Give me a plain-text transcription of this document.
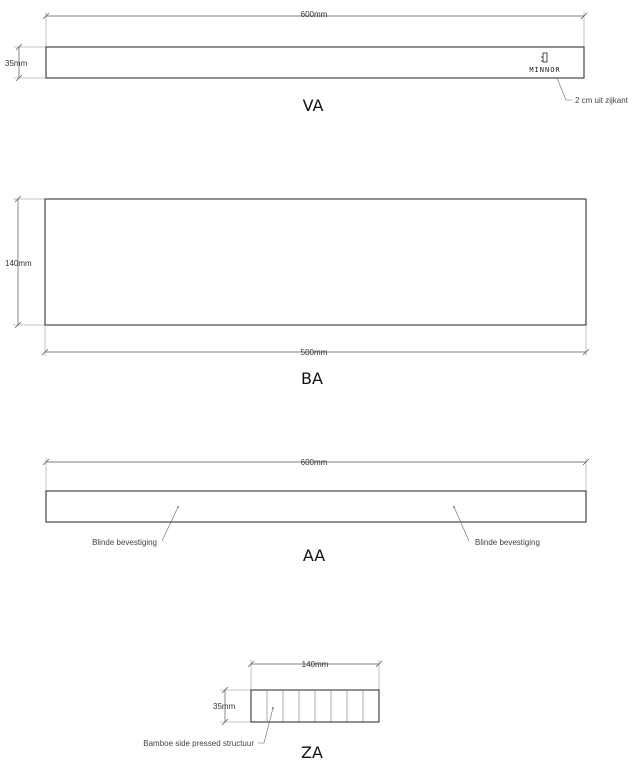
600mm
35mm
MINNOR
2 cm uit zijkant
VA
140mm
500mm
BA
600mm
Blinde bevestiging	Blinde bevestiging
AA
140mm
35mm
Bamboe side pressed structuur	ZA
